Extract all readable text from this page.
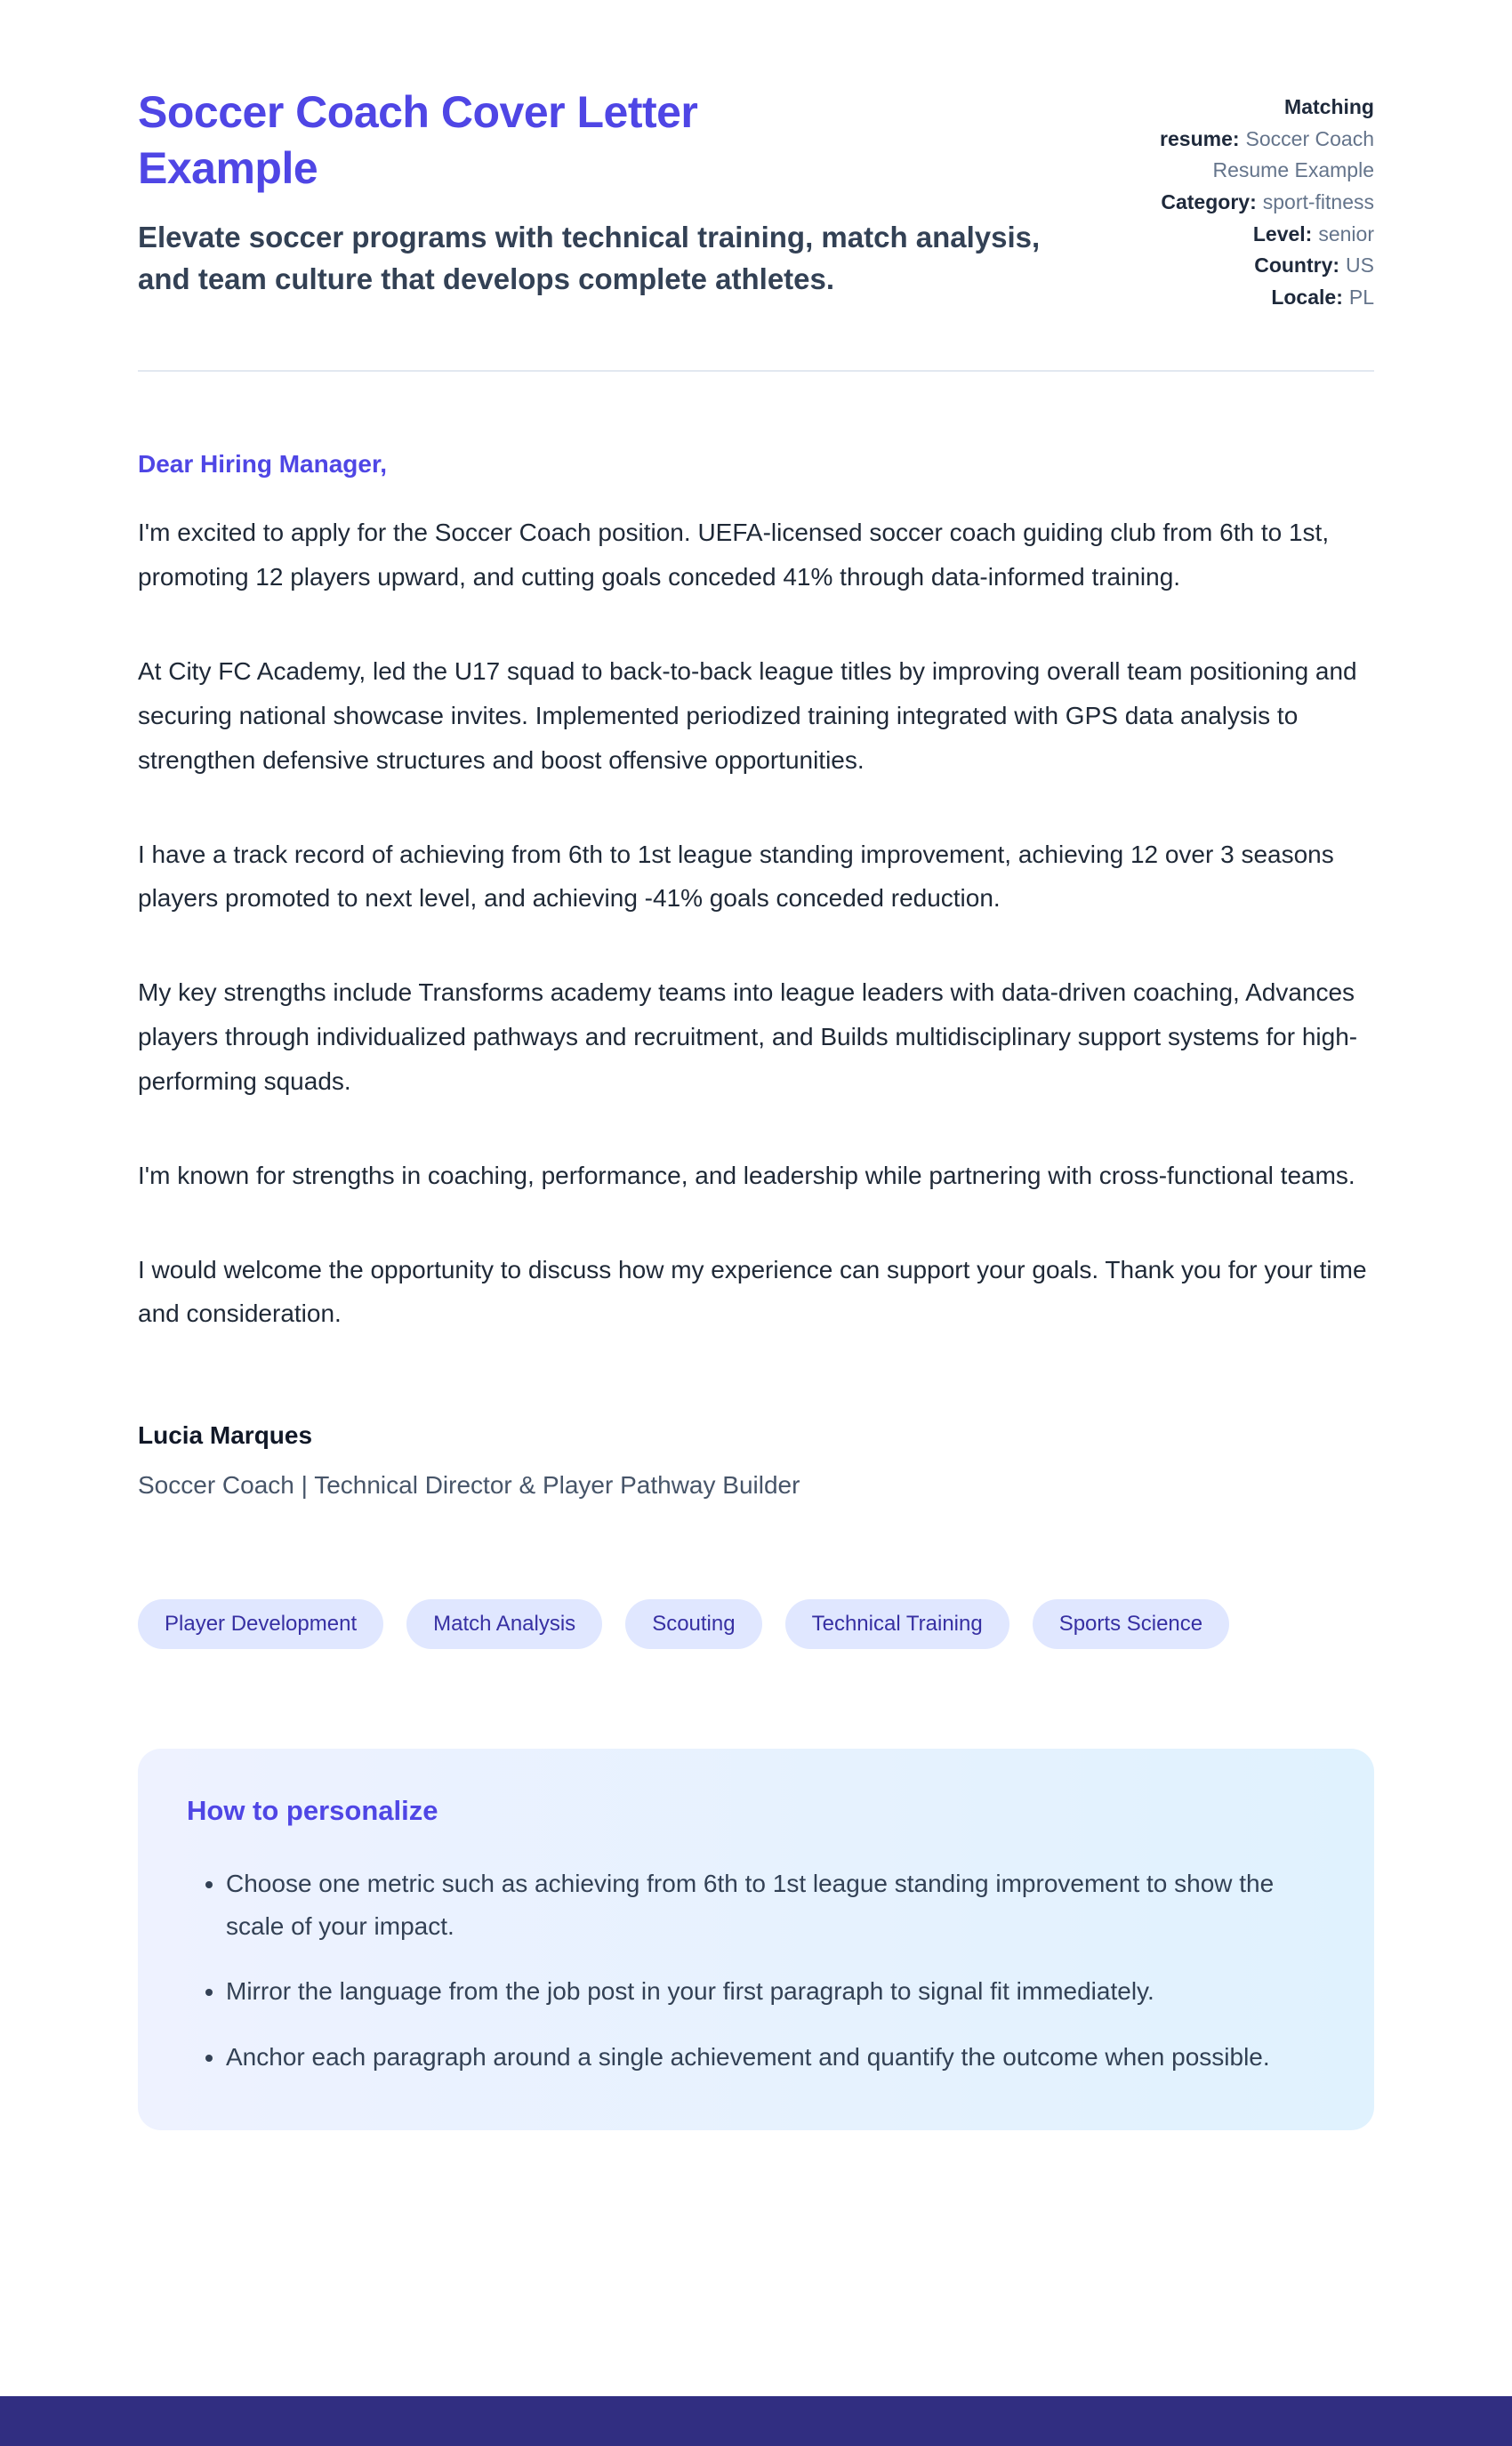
Soccer Coach Cover Letter Example

Elevate soccer programs with technical training, match analysis, and team culture that develops complete athletes.

Matching resume: Soccer Coach Resume Example
Category: sport-fitness
Level: senior
Country: US
Locale: PL

Dear Hiring Manager,

I'm excited to apply for the Soccer Coach position. UEFA-licensed soccer coach guiding club from 6th to 1st, promoting 12 players upward, and cutting goals conceded 41% through data-informed training.

At City FC Academy, led the U17 squad to back-to-back league titles by improving overall team positioning and securing national showcase invites. Implemented periodized training integrated with GPS data analysis to strengthen defensive structures and boost offensive opportunities.

I have a track record of achieving from 6th to 1st league standing improvement, achieving 12 over 3 seasons players promoted to next level, and achieving -41% goals conceded reduction.

My key strengths include Transforms academy teams into league leaders with data-driven coaching, Advances players through individualized pathways and recruitment, and Builds multidisciplinary support systems for high-performing squads.

I'm known for strengths in coaching, performance, and leadership while partnering with cross-functional teams.

I would welcome the opportunity to discuss how my experience can support your goals. Thank you for your time and consideration.

Lucia Marques

Soccer Coach | Technical Director & Player Pathway Builder

Player Development	Match Analysis	Scouting	Technical Training	Sports Science
How to personalize
• Choose one metric such as achieving from 6th to 1st league standing improvement to show the scale of your impact.
• Mirror the language from the job post in your first paragraph to signal fit immediately.
• Anchor each paragraph around a single achievement and quantify the outcome when possible.
